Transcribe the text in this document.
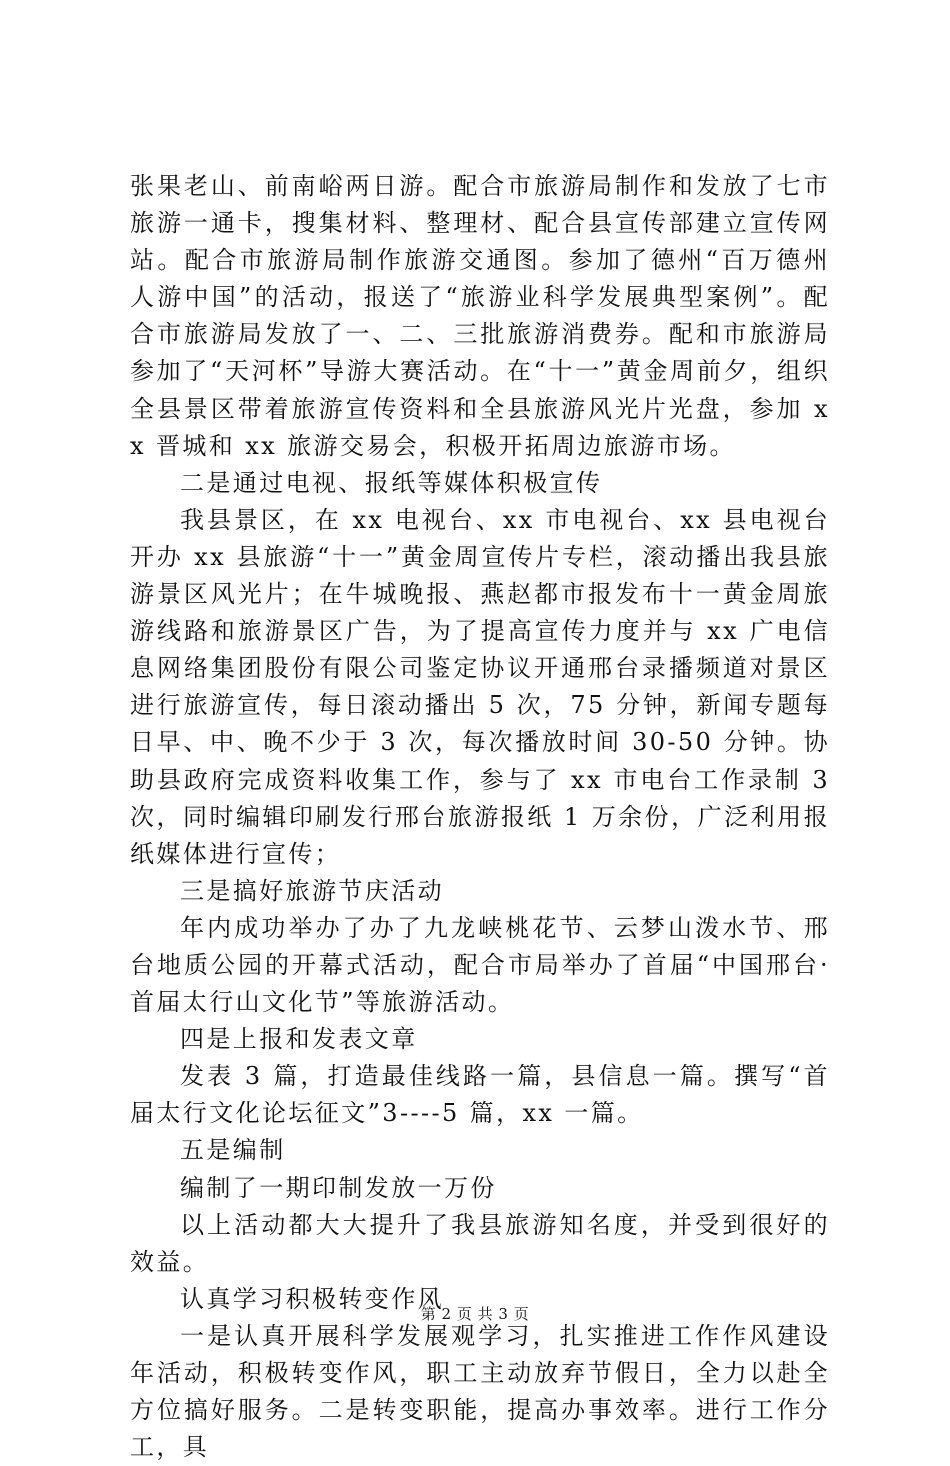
张果老山、前南峪两日游。配合市旅游局制作和发放了七市旅游一通卡，搜集材料、整理材、配合县宣传部建立宣传网站。配合市旅游局制作旅游交通图。参加了德州“百万德州人游中国”的活动，报送了“旅游业科学发展典型案例”。配合市旅游局发放了一、二、三批旅游消费券。配和市旅游局参加了“天河杯”导游大赛活动。在“十一”黄金周前夕，组织全县景区带着旅游宣传资料和全县旅游风光片光盘，参加 xx 晋城和 xx 旅游交易会，积极开拓周边旅游市场。

二是通过电视、报纸等媒体积极宣传

我县景区，在 xx 电视台、xx 市电视台、xx 县电视台开办 xx 县旅游“十一”黄金周宣传片专栏，滚动播出我县旅游景区风光片；在牛城晚报、燕赵都市报发布十一黄金周旅游线路和旅游景区广告，为了提高宣传力度并与 xx 广电信息网络集团股份有限公司鉴定协议开通邢台录播频道对景区进行旅游宣传，每日滚动播出 5 次，75 分钟，新闻专题每日早、中、晚不少于 3 次，每次播放时间 30-50 分钟。协助县政府完成资料收集工作，参与了 xx 市电台工作录制 3 次，同时编辑印刷发行邢台旅游报纸 1 万余份，广泛利用报纸媒体进行宣传；

三是搞好旅游节庆活动

年内成功举办了办了九龙峡桃花节、云梦山泼水节、邢台地质公园的开幕式活动，配合市局举办了首届“中国邢台·首届太行山文化节”等旅游活动。

四是上报和发表文章

发表 3 篇，打造最佳线路一篇，县信息一篇。撰写“首届太行文化论坛征文”3----5 篇，xx 一篇。

五是编制

编制了一期印制发放一万份

以上活动都大大提升了我县旅游知名度，并受到很好的效益。

认真学习积极转变作风

一是认真开展科学发展观学习，扎实推进工作作风建设年活动，积极转变作风，职工主动放弃节假日，全力以赴全方位搞好服务。二是转变职能，提高办事效率。进行工作分工，具

第 2 页 共 3 页
